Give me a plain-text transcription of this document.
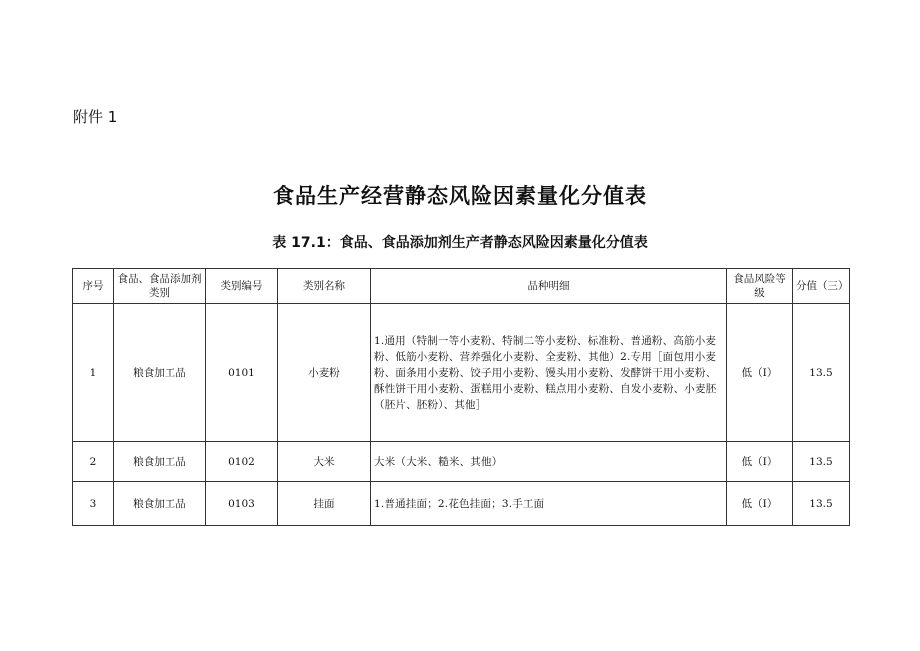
附件 1
食品生产经营静态风险因素量化分值表
表 17.1：食品、食品添加剂生产者静态风险因素量化分值表
序号	食品、食品添加剂类别	类别编号	类别名称	品种明细	食品风险等级	分值（三）
1	粮食加工品	0101	小麦粉	1.通用（特制一等小麦粉、特制二等小麦粉、标准粉、普通粉、高筋小麦粉、低筋小麦粉、营养强化小麦粉、全麦粉、其他）2.专用［面包用小麦粉、面条用小麦粉、饺子用小麦粉、馒头用小麦粉、发酵饼干用小麦粉、酥性饼干用小麦粉、蛋糕用小麦粉、糕点用小麦粉、自发小麦粉、小麦胚（胚片、胚粉）、其他］	低（I）	13.5
2	粮食加工品	0102	大米	大米（大米、糙米、其他）	低（I）	13.5
3	粮食加工品	0103	挂面	1.普通挂面；2.花色挂面；3.手工面	低（I）	13.5
